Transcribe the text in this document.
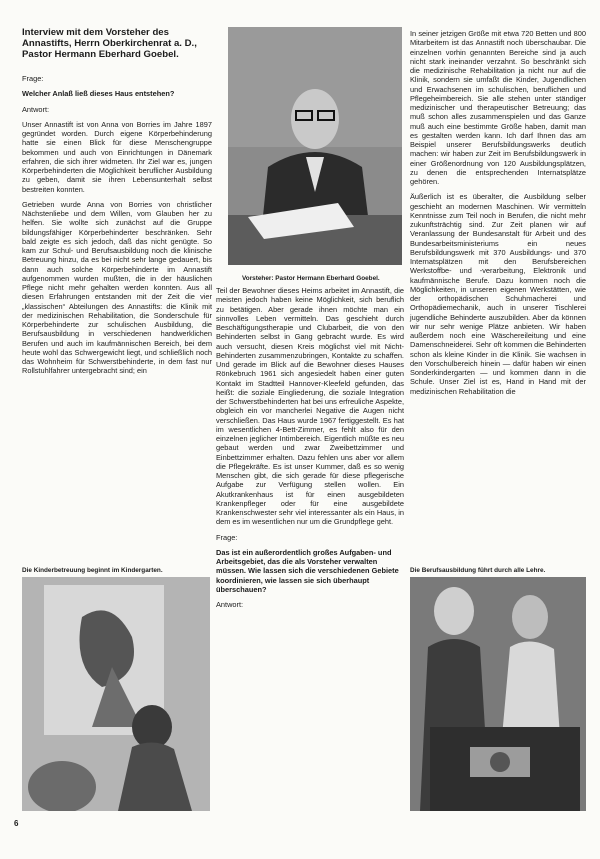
Interview mit dem Vorsteher des Annastifts, Herrn Oberkirchenrat a. D., Pastor Hermann Eberhard Goebel.

Frage:

Welcher Anlaß ließ dieses Haus entstehen?

Antwort:

Unser Annastift ist von Anna von Borries im Jahre 1897 gegründet worden. Durch eigene Körperbehinderung hatte sie einen Blick für diese Menschengruppe bekommen und auch von Einrichtungen in Dänemark erfahren, die sich ihrer widmeten. Ihr Ziel war es, jungen Körperbehinderten die Möglichkeit beruflicher Ausbildung zu geben, damit sie ihren Lebensunterhalt selbst bestreiten konnten.

Getrieben wurde Anna von Borries von christlicher Nächstenliebe und dem Willen, vom Glauben her zu helfen. Sie wollte sich zunächst auf die Gruppe bildungsfähiger Körperbehinderter beschränken. Sehr bald zeigte es sich jedoch, daß das nicht genügte. So kam zur Schul- und Berufsausbildung noch die klinische Betreuung hinzu, da es bei nicht sehr lange gedauert, bis dann auch solche Körperbehinderte im Annastift aufgenommen wurden mußten, die in der häuslichen Pflege nicht mehr gehalten werden konnten. Aus all diesen Erfahrungen entstanden mit der Zeit die vier „klassischen“ Abteilungen des Annastifts: die Klinik mit der medizinischen Rehabilitation, die Sonderschule für Körperbehinderte zur schulischen Ausbildung, die Berufsausbildung in verschiedenen handwerklichen Berufen und auch im kaufmännischen Bereich, bei dem heute wohl das Schwergewicht liegt, und schließlich noch das Wohnheim für Schwerstbehinderte, in dem fast nur Rollstuhlfahrer untergebracht sind; ein

Vorsteher: Pastor Hermann Eberhard Goebel.

Teil der Bewohner dieses Heims arbeitet im Annastift, die meisten jedoch haben keine Möglichkeit, sich beruflich zu betätigen. Aber gerade ihnen möchte man ein sinnvolles Leben vermitteln. Das geschieht durch Beschäftigungstherapie und Clubarbeit, die von den Behinderten selbst in Gang gebracht wurde. Es wird auch versucht, diesen Kreis möglichst viel mit Nicht-Behinderten zusammenzubringen, Kontakte zu schaffen. Und gerade im Blick auf die Bewohner dieses Hauses Rönkebruch 1961 sich angesiedelt haben einer guten Kontakt im Stadtteil Hannover-Kleefeld gefunden, das heißt: die soziale Eingliederung, die soziale Integration der Schwerstbehinderten hat bei uns erfreuliche Aspekte, obgleich ein vor mancherlei Negative die Augen nicht verschließen. Das Haus wurde 1967 fertiggestellt. Es hat im wesentlichen 4-Bett-Zimmer, es fehlt also für den einzelnen jeglicher Intimbereich. Eigentlich müßte es neu gebaut werden und zwar Zweibettzimmer und Einbettzimmer erhalten. Dazu fehlen uns aber vor allem die Pflegekräfte. Es ist unser Kummer, daß es so wenig Menschen gibt, die sich gerade für diese pflegerische Aufgabe zur Verfügung stellen wollen. Ein Akutkrankenhaus ist für einen ausgebildeten Krankenpfleger oder für eine ausgebildete Krankenschwester sehr viel interessanter als ein Haus, in dem es im wesentlichen nur um die Grundpflege geht.

Frage:

Das ist ein außerordentlich großes Aufgaben- und Arbeitsgebiet, das die als Vorsteher verwalten müssen. Wie lassen sich die verschiedenen Gebiete koordinieren, wie lassen sie sich überhaupt überschauen?

Antwort:

In seiner jetzigen Größe mit etwa 720 Betten und 800 Mitarbeitern ist das Annastift noch überschaubar. Die einzelnen vorhin genannten Bereiche sind ja auch nicht stark ineinander verzahnt. So beschränkt sich die medizinische Rehabilitation ja nicht nur auf die Klinik, sondern sie umfaßt die Kinder, Jugendlichen und Erwachsenen im schulischen, beruflichen und Pflegeheimbereich. Sie alle stehen unter ständiger medizinischer und therapeutischer Betreuung; das muß schon alles zusammenspielen und das Ganze muß auch eine bestimmte Größe haben, damit man es gestalten werden kann. Ich darf Ihnen das am Beispiel unserer Berufsbildungswerks deutlich machen: wir haben zur Zeit im Berufsbildungswerk in einer Größenordnung von 120 Ausbildungsplätzen, zu denen die entsprechenden Internatsplätze gehören.

Äußerlich ist es überalter, die Ausbildung selber geschieht an modernen Maschinen. Wir vermitteln Kenntnisse zum Teil noch in Berufen, die nicht mehr zukunftsträchtig sind. Zur Zeit planen wir auf Veranlassung der Bundesanstalt für Arbeit und des Bundesarbeitsministeriums ein neues Berufsbildungswerk mit 370 Ausbildungs- und 370 Internatsplätzen mit den Berufsbereichen Werkstoffbe- und -verarbeitung, Elektronik und kaufmännische Berufe. Dazu kommen noch die Möglichkeiten, in unseren eigenen Werkstätten, wie der orthopädischen Schuhmacherei und Orthopädiemechanik, auch in unserer Tischlerei jugendliche Behinderte auszubilden. Aber da können wir nur sehr wenige Plätze anbieten. Wir haben außerdem noch eine Wäschereileitung und eine Damenschneiderei. Sehr oft kommen die Behinderten schon als kleine Kinder in die Klinik. Sie wachsen in den Vorschulbereich hinein — dafür haben wir einen Sonderkindergarten — und kommen dann in die Schule. Unser Ziel ist es, Hand in Hand mit der medizinischen Rehabilitation die

Die Kinderbetreuung beginnt im Kindergarten.	Die Berufsausbildung führt durch alle Lehre.
6
